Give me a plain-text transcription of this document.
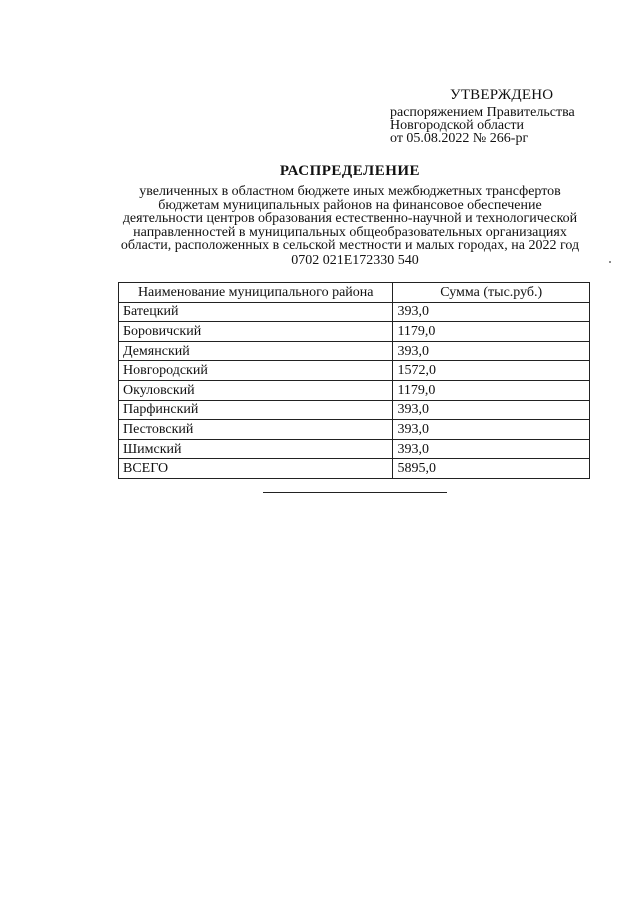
УТВЕРЖДЕНО
распоряжением Правительства
Новгородской области
от 05.08.2022 № 266-рг
РАСПРЕДЕЛЕНИЕ
увеличенных в областном бюджете иных межбюджетных трансфертов
бюджетам муниципальных районов на финансовое обеспечение
деятельности центров образования естественно-научной и технологической
направленностей в муниципальных общеобразовательных организациях
области, расположенных в сельской местности и малых городах, на 2022 год
0702 021E172330 540
Наименование муниципального района	Сумма (тыс.руб.)
Батецкий	393,0
Боровичский	1179,0
Демянский	393,0
Новгородский	1572,0
Окуловский	1179,0
Парфинский	393,0
Пестовский	393,0
Шимский	393,0
ВСЕГО	5895,0
